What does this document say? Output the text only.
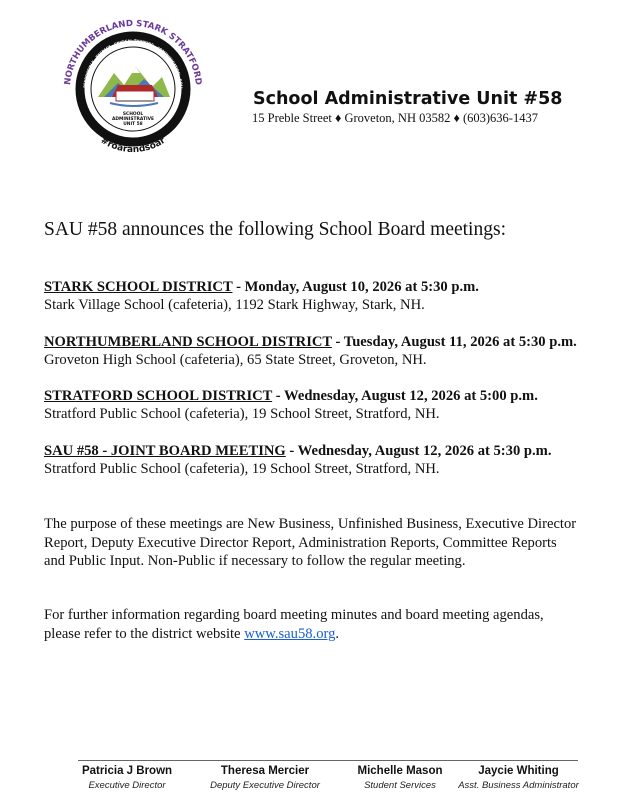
NORTHUMBERLAND STARK STRATFORD
RESPONSIBLE · RESPECT · CRITICAL THINKING · COMMUNICATION · COLL
#roarandsoar
SCHOOL
ADMINISTRATIVE
UNIT 58
School Administrative Unit #58
15 Preble Street ♦ Groveton, NH 03582 ♦ (603)636-1437
SAU #58 announces the following School Board meetings:
STARK SCHOOL DISTRICT - Monday, August 10, 2026 at 5:30 p.m.
Stark Village School (cafeteria), 1192 Stark Highway, Stark, NH.
NORTHUMBERLAND SCHOOL DISTRICT - Tuesday, August 11, 2026 at 5:30 p.m.
Groveton High School (cafeteria), 65 State Street, Groveton, NH.
STRATFORD SCHOOL DISTRICT - Wednesday, August 12, 2026 at 5:00 p.m.
Stratford Public School (cafeteria), 19 School Street, Stratford, NH.
SAU #58 - JOINT BOARD MEETING - Wednesday, August 12, 2026 at 5:30 p.m.
Stratford Public School (cafeteria), 19 School Street, Stratford, NH.
The purpose of these meetings are New Business, Unfinished Business, Executive Director
Report, Deputy Executive Director Report, Administration Reports, Committee Reports
and Public Input. Non-Public if necessary to follow the regular meeting.
For further information regarding board meeting minutes and board meeting agendas,
please refer to the district website www.sau58.org.
Patricia J Brown
Executive Director
Theresa Mercier
Deputy Executive Director
Michelle Mason
Student Services
Jaycie Whiting
Asst. Business Administrator
